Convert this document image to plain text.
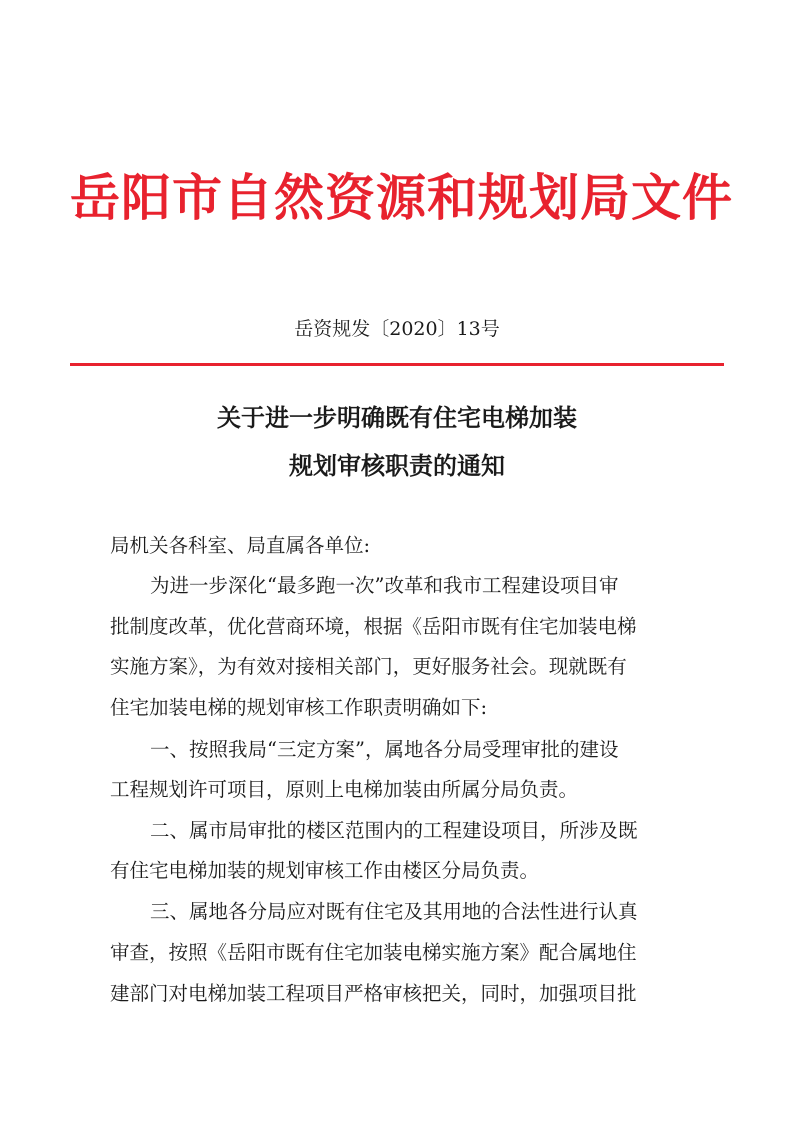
岳阳市自然资源和规划局文件
岳资规发〔2020〕13号
关于进一步明确既有住宅电梯加装
规划审核职责的通知
局机关各科室、局直属各单位:
为进一步深化“最多跑一次”改革和我市工程建设项目审
批制度改革，优化营商环境，根据《岳阳市既有住宅加装电梯
实施方案》，为有效对接相关部门，更好服务社会。现就既有
住宅加装电梯的规划审核工作职责明确如下:
一、按照我局“三定方案”，属地各分局受理审批的建设
工程规划许可项目，原则上电梯加装由所属分局负责。
二、属市局审批的楼区范围内的工程建设项目，所涉及既
有住宅电梯加装的规划审核工作由楼区分局负责。
三、属地各分局应对既有住宅及其用地的合法性进行认真
审查，按照《岳阳市既有住宅加装电梯实施方案》配合属地住
建部门对电梯加装工程项目严格审核把关，同时，加强项目批
